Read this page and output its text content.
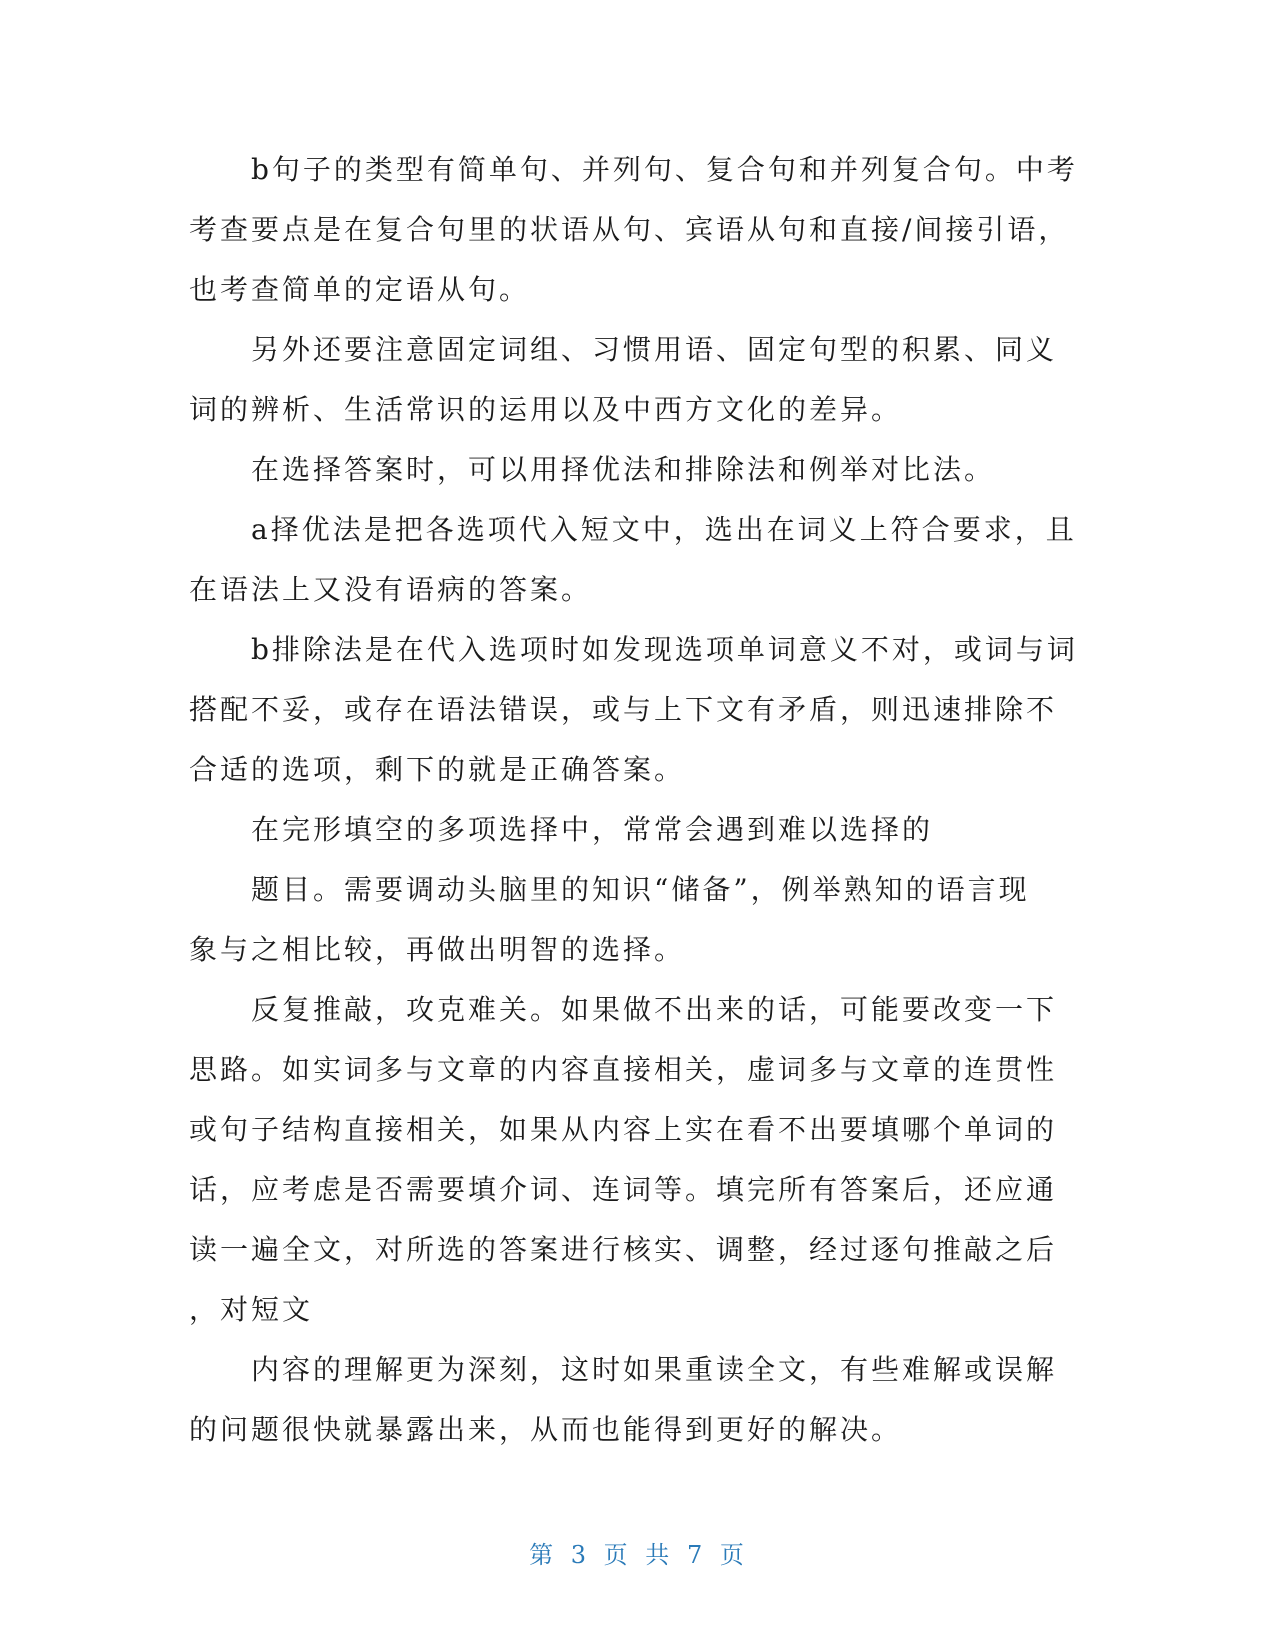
b句子的类型有简单句、并列句、复合句和并列复合句。中考
考查要点是在复合句里的状语从句、宾语从句和直接/间接引语，
也考查简单的定语从句。
另外还要注意固定词组、习惯用语、固定句型的积累、同义
词的辨析、生活常识的运用以及中西方文化的差异。
在选择答案时，可以用择优法和排除法和例举对比法。
a择优法是把各选项代入短文中，选出在词义上符合要求，且
在语法上又没有语病的答案。
b排除法是在代入选项时如发现选项单词意义不对，或词与词
搭配不妥，或存在语法错误，或与上下文有矛盾，则迅速排除不
合适的选项，剩下的就是正确答案。
在完形填空的多项选择中，常常会遇到难以选择的
题目。需要调动头脑里的知识“储备”，例举熟知的语言现
象与之相比较，再做出明智的选择。
反复推敲，攻克难关。如果做不出来的话，可能要改变一下
思路。如实词多与文章的内容直接相关，虚词多与文章的连贯性
或句子结构直接相关，如果从内容上实在看不出要填哪个单词的
话，应考虑是否需要填介词、连词等。填完所有答案后，还应通
读一遍全文，对所选的答案进行核实、调整，经过逐句推敲之后
，对短文
内容的理解更为深刻，这时如果重读全文，有些难解或误解
的问题很快就暴露出来，从而也能得到更好的解决。
第 3 页 共 7 页
